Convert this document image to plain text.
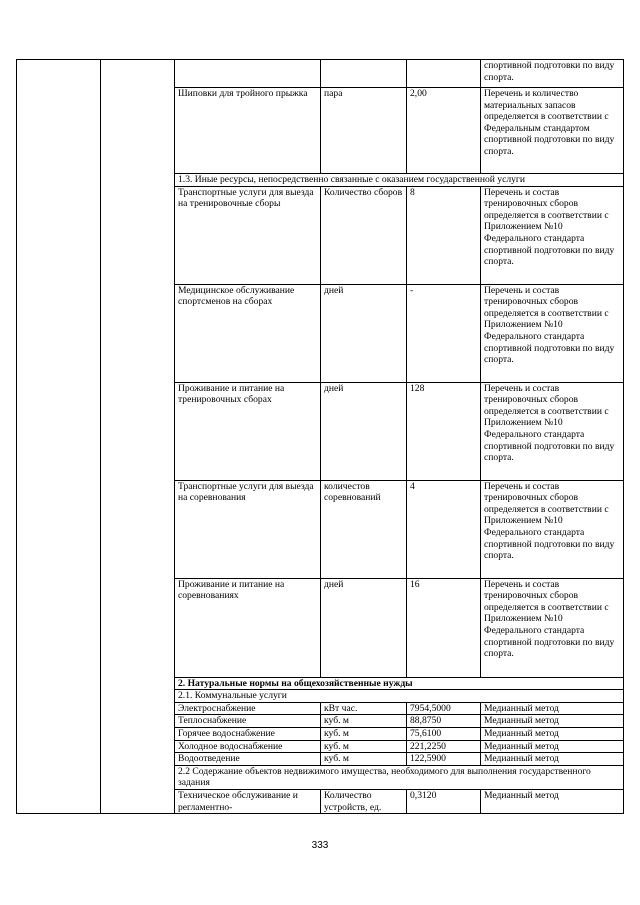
					спортивной подготовки по виду спорта.
		Шиповки для тройного прыжка	пара	2,00	Перечень и количество материальных запасов определяется в соответствии с Федеральным стандартом спортивной подготовки по виду спорта.
		1.3. Иные ресурсы, непосредственно связанные с оказанием государственной услуги			
		Транспортные услуги для выезда на тренировочные сборы	Количество сборов	8	Перечень и состав тренировочных сборов определяется в соответствии с Приложением №10 Федерального стандарта спортивной подготовки по виду спорта.
		Медицинское обслуживание спортсменов на сборах	дней	-	Перечень и состав тренировочных сборов определяется в соответствии с Приложением №10 Федерального стандарта спортивной подготовки по виду спорта.
		Проживание и питание на тренировочных сборах	дней	128	Перечень и состав тренировочных сборов определяется в соответствии с Приложением №10 Федерального стандарта спортивной подготовки по виду спорта.
		Транспортные услуги для выезда на соревнования	количестов соревнований	4	Перечень и состав тренировочных сборов определяется в соответствии с Приложением №10 Федерального стандарта спортивной подготовки по виду спорта.
		Проживание и питание на соревнованиях	дней	16	Перечень и состав тренировочных сборов определяется в соответствии с Приложением №10 Федерального стандарта спортивной подготовки по виду спорта.
		2. Натуральные нормы на общехозяйственные нужды			
		2.1. Коммунальные услуги			
		Электроснабжение	кВт час.	7954,5000	Медианный метод
		Теплоснабжение	куб. м	88,8750	Медианный метод
		Горячее водоснабжение	куб. м	75,6100	Медианный метод
		Холодное водоснабжение	куб. м	221,2250	Медианный метод
		Водоотведение	куб. м	122,5900	Медианный метод
		2.2 Содержание объектов недвижимого имущества, необходимого для выполнения государственного задания			
		Техническое обслуживание и регламентно-	Количество устройств, ед.	0,3120	Медианный метод
333
